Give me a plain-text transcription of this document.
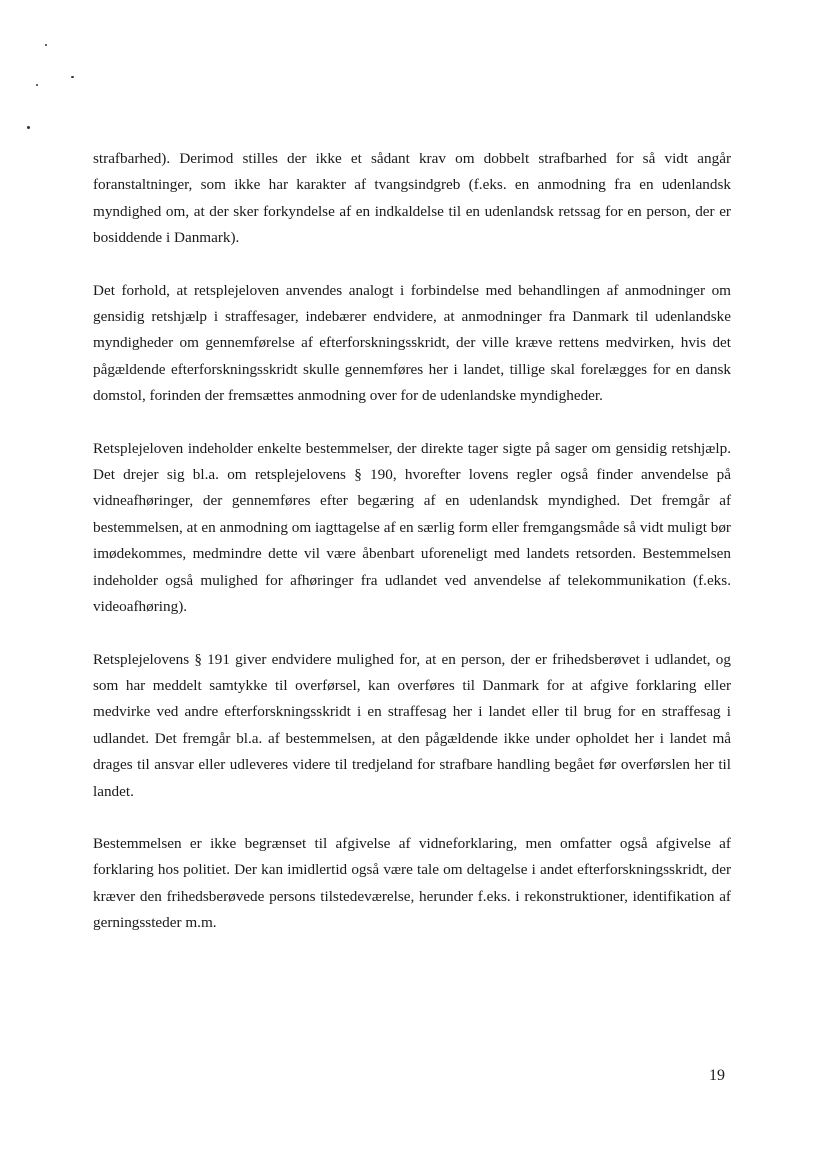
strafbarhed). Derimod stilles der ikke et sådant krav om dobbelt strafbarhed for så vidt angår foranstaltninger, som ikke har karakter af tvangsindgreb (f.eks. en anmodning fra en udenlandsk myndighed om, at der sker forkyndelse af en indkaldelse til en udenlandsk retssag for en person, der er bosiddende i Danmark).

Det forhold, at retsplejeloven anvendes analogt i forbindelse med behandlingen af anmodninger om gensidig retshjælp i straffesager, indebærer endvidere, at anmodninger fra Danmark til udenlandske myndigheder om gennemførelse af efterforskningsskridt, der ville kræve rettens medvirken, hvis det pågældende efterforskningsskridt skulle gennemføres her i landet, tillige skal forelægges for en dansk domstol, forinden der fremsættes anmodning over for de udenlandske myndigheder.

Retsplejeloven indeholder enkelte bestemmelser, der direkte tager sigte på sager om gensidig retshjælp. Det drejer sig bl.a. om retsplejelovens § 190, hvorefter lovens regler også finder anvendelse på vidneafhøringer, der gennemføres efter begæring af en udenlandsk myndighed. Det fremgår af bestemmelsen, at en anmodning om iagttagelse af en særlig form eller fremgangsmåde så vidt muligt bør imødekommes, medmindre dette vil være åbenbart uforeneligt med landets retsorden. Bestemmelsen indeholder også mulighed for afhøringer fra udlandet ved anvendelse af telekommunikation (f.eks. videoafhøring).

Retsplejelovens § 191 giver endvidere mulighed for, at en person, der er frihedsberøvet i udlandet, og som har meddelt samtykke til overførsel, kan overføres til Danmark for at afgive forklaring eller medvirke ved andre efterforskningsskridt i en straffesag her i landet eller til brug for en straffesag i udlandet. Det fremgår bl.a. af bestemmelsen, at den pågældende ikke under opholdet her i landet må drages til ansvar eller udleveres videre til tredjeland for strafbare handling begået før overførslen her til landet.

Bestemmelsen er ikke begrænset til afgivelse af vidneforklaring, men omfatter også afgivelse af forklaring hos politiet. Der kan imidlertid også være tale om deltagelse i andet efterforskningsskridt, der kræver den frihedsberøvede persons tilstedeværelse, herunder f.eks. i rekonstruktioner, identifikation af gerningssteder m.m.

19
